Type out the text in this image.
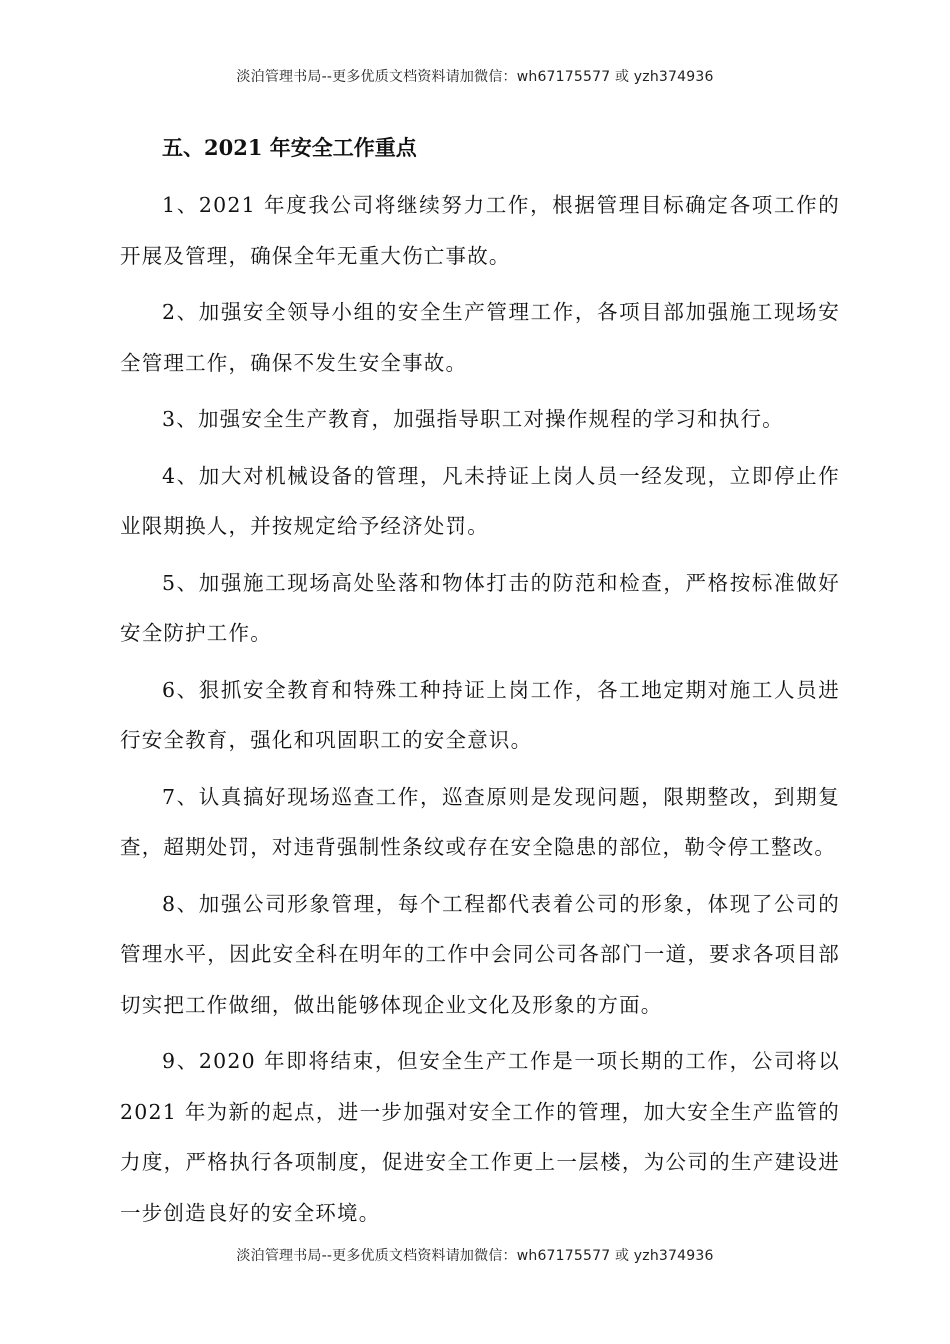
淡泊管理书局--更多优质文档资料请加微信：wh67175577 或 yzh374936
五、2021 年安全工作重点

1、2021 年度我公司将继续努力工作，根据管理目标确定各项工作的开展及管理，确保全年无重大伤亡事故。

2、加强安全领导小组的安全生产管理工作，各项目部加强施工现场安全管理工作，确保不发生安全事故。

3、加强安全生产教育，加强指导职工对操作规程的学习和执行。

4、加大对机械设备的管理，凡未持证上岗人员一经发现，立即停止作业限期换人，并按规定给予经济处罚。

5、加强施工现场高处坠落和物体打击的防范和检查，严格按标准做好安全防护工作。

6、狠抓安全教育和特殊工种持证上岗工作，各工地定期对施工人员进行安全教育，强化和巩固职工的安全意识。

7、认真搞好现场巡查工作，巡查原则是发现问题，限期整改，到期复查，超期处罚，对违背强制性条纹或存在安全隐患的部位，勒令停工整改。

8、加强公司形象管理，每个工程都代表着公司的形象，体现了公司的管理水平，因此安全科在明年的工作中会同公司各部门一道，要求各项目部切实把工作做细，做出能够体现企业文化及形象的方面。

9、2020 年即将结束，但安全生产工作是一项长期的工作，公司将以 2021 年为新的起点，进一步加强对安全工作的管理，加大安全生产监管的力度，严格执行各项制度，促进安全工作更上一层楼，为公司的生产建设进一步创造良好的安全环境。

淡泊管理书局--更多优质文档资料请加微信：wh67175577 或 yzh374936
